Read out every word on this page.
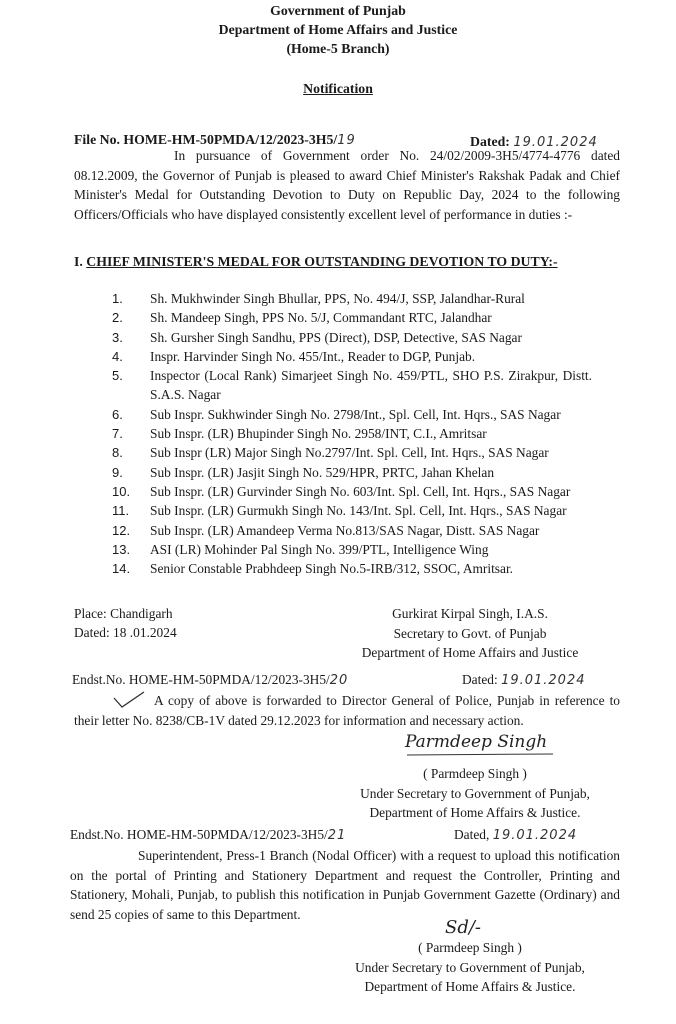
Government of Punjab
Department of Home Affairs and Justice
(Home-5 Branch)
Notification
File No. HOME-HM-50PMDA/12/2023-3H5/19	Dated: 19.01.2024
In pursuance of Government order No. 24/02/2009-3H5/4774-4776 dated 08.12.2009, the Governor of Punjab is pleased to award Chief Minister's Rakshak Padak and Chief Minister's Medal for Outstanding Devotion to Duty on Republic Day, 2024 to the following Officers/Officials who have displayed consistently excellent level of performance in duties :-
I. CHIEF MINISTER'S MEDAL FOR OUTSTANDING DEVOTION TO DUTY:-
1.	Sh. Mukhwinder Singh Bhullar, PPS, No. 494/J, SSP, Jalandhar-Rural
2.	Sh. Mandeep Singh, PPS No. 5/J, Commandant RTC, Jalandhar
3.	Sh. Gursher Singh Sandhu, PPS (Direct), DSP, Detective, SAS Nagar
4.	Inspr. Harvinder Singh No. 455/Int., Reader to DGP, Punjab.
5.	Inspector (Local Rank) Simarjeet Singh No. 459/PTL, SHO P.S. Zirakpur, Distt. S.A.S. Nagar
6.	Sub Inspr. Sukhwinder Singh No. 2798/Int., Spl. Cell, Int. Hqrs., SAS Nagar
7.	Sub Inspr. (LR) Bhupinder Singh No. 2958/INT, C.I., Amritsar
8.	Sub Inspr (LR) Major Singh No.2797/Int. Spl. Cell, Int. Hqrs., SAS Nagar
9.	Sub Inspr. (LR) Jasjit Singh No. 529/HPR, PRTC, Jahan Khelan
10.	Sub Inspr. (LR) Gurvinder Singh No. 603/Int. Spl. Cell, Int. Hqrs., SAS Nagar
11.	Sub Inspr. (LR) Gurmukh Singh No. 143/Int. Spl. Cell, Int. Hqrs., SAS Nagar
12.	Sub Inspr. (LR) Amandeep Verma No.813/SAS Nagar, Distt. SAS Nagar
13.	ASI (LR) Mohinder Pal Singh No. 399/PTL, Intelligence Wing
14.	Senior Constable Prabhdeep Singh No.5-IRB/312, SSOC, Amritsar.
Place: Chandigarh
Dated: 18 .01.2024
Gurkirat Kirpal Singh, I.A.S.
Secretary to Govt. of Punjab
Department of Home Affairs and Justice
Endst.No. HOME-HM-50PMDA/12/2023-3H5/20	Dated: 19.01.2024
A copy of above is forwarded to Director General of Police, Punjab in reference to their letter No. 8238/CB-1V dated 29.12.2023 for information and necessary action.
Parmdeep Singh
( Parmdeep Singh )
Under Secretary to Government of Punjab,
Department of Home Affairs & Justice.
Endst.No. HOME-HM-50PMDA/12/2023-3H5/21	Dated, 19.01.2024
Superintendent, Press-1 Branch (Nodal Officer) with a request to upload this notification on the portal of Printing and Stationery Department and request the Controller, Printing and Stationery, Mohali, Punjab, to publish this notification in Punjab Government Gazette (Ordinary) and send 25 copies of same to this Department.
Sd/-
( Parmdeep Singh )
Under Secretary to Government of Punjab,
Department of Home Affairs & Justice.
